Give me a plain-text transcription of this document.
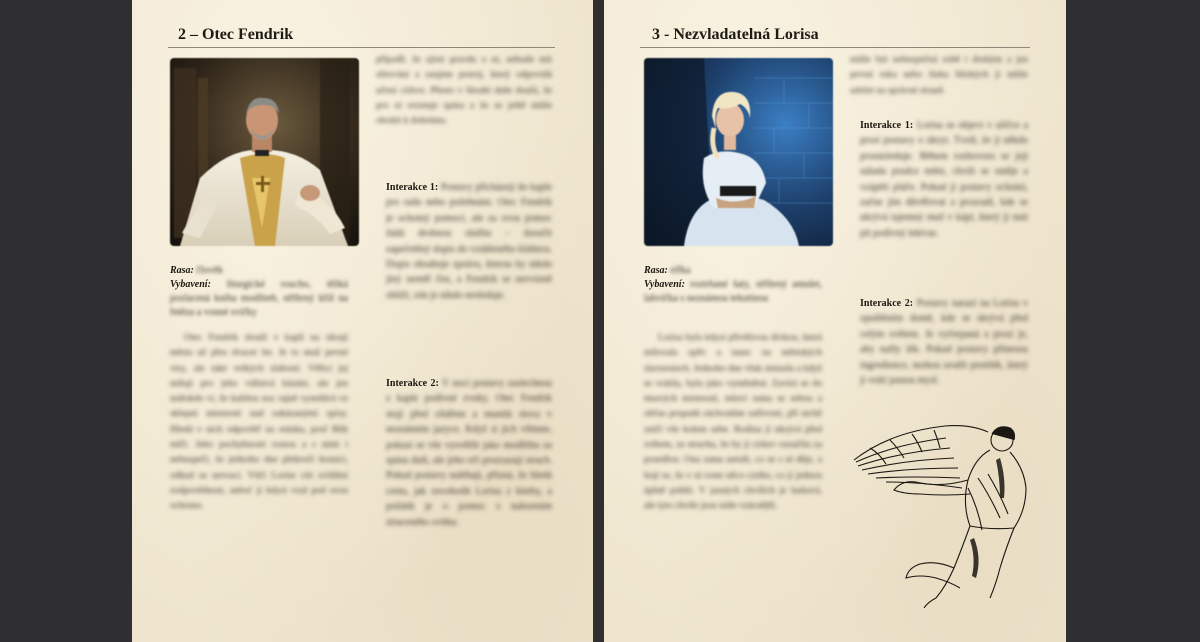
2 – Otec Fendrik
Rasa: člověk
Vybavení: liturgické roucho, těžká pozlacená kniha modliteb, stříbrný kříž na řetězu a vonné svíčky

Otec Fendrik slouží v kapli na okraji města už přes dvacet let. Je to muž pevné víry, ale také velkých slabostí. Věřící jej milují pro jeho vášnivá kázání, ale jen málokdo ví, že každou noc tajně vysedává ve sklepní místnosti nad zakázanými spisy. Hledá v nich odpověď na otázku, proč Bůh mlčí. Jeho pochybnosti rostou a s nimi i nebezpečí, že jednoho dne překročí hranici, odkud se nevrací. Vůči Lorise cítí zvláštní zodpovědnost, neboť ji kdysi vzal pod svou ochranu.

případě, že zjistí pravdu o ní, nebude mít slitování a zaujme postoj, který odpovídá učení církve. Přesto v hloubi duše doufá, že pro ni existuje spása a že se ještě může obrátit k dobrému.

Interakce 1: Postavy přicházejí do kaple pro radu nebo požehnání. Otec Fendrik je ochotný pomoci, ale za svou pomoc žádá drobnou službu – doručit zapečetěný dopis do vzdáleného kláštera. Dopis obsahuje zprávu, kterou by nikdo jiný neměl číst, a Fendrik se nervózně ohlíží, zda je nikdo nesleduje.
Interakce 2: V noci postavy zaslechnou z kaple podivné zvuky. Otec Fendrik stojí před oltářem a mumlá slova v neznámém jazyce. Když si jich všimne, pokusí se vše vysvětlit jako modlitbu za spásu duší, ale jeho oči prozrazují strach. Pokud postavy naléhají, přizná, že hledá cestu, jak osvobodit Lorisu z kletby, a požádá je o pomoc s nalezením ztraceného svitku.
3 - Nezvladatelná Lorisa
Rasa: elfka
Vybavení: roztrhané šaty, stříbrný amulet, lahvička s neznámou tekutinou

Lorisa byla kdysi přívětivou dívkou, která milovala zpěv a tanec na městských slavnostech. Jednoho dne však zmizela a když se vrátila, byla jako vyměněná. Zavírá se do tmavých místností, mluví sama se sebou a občas propadá záchvatům zuřivosti, při nichž zničí vše kolem sebe. Rodina ji ukrývá před světem, ze strachu, že by ji církev označila za posedlou. Ona sama netuší, co se s ní děje, a bojí se, že v ní roste něco cizího, co ji jednou úplně pohltí. V jasných chvílích je laskavá, ale tyto chvíle jsou stále vzácnější.

může být nebezpečná sobě i druhým a jen pevná ruka nebo láska blízkých ji může udržet na správné straně.

Interakce 1: Lorisa se objeví v uličce a prosí postavy o úkryt. Tvrdí, že ji někdo pronásleduje. Během rozhovoru se její nálada prudce mění, chvíli se směje a vzápětí pláče. Pokud ji postavy ochrání, začne jim důvěřovat a prozradí, kde se ukrývá tajemný muž v kápi, který ji nutí pít podivný lektvar.
Interakce 2: Postavy narazí na Lorisu v opuštěném domě, kde se skrývá před celým světem. Je vyčerpaná a prosí je, aby našly lék. Pokud postavy přinesou ingredience, mohou uvařit protilék, který jí vrátí jasnou mysl.
